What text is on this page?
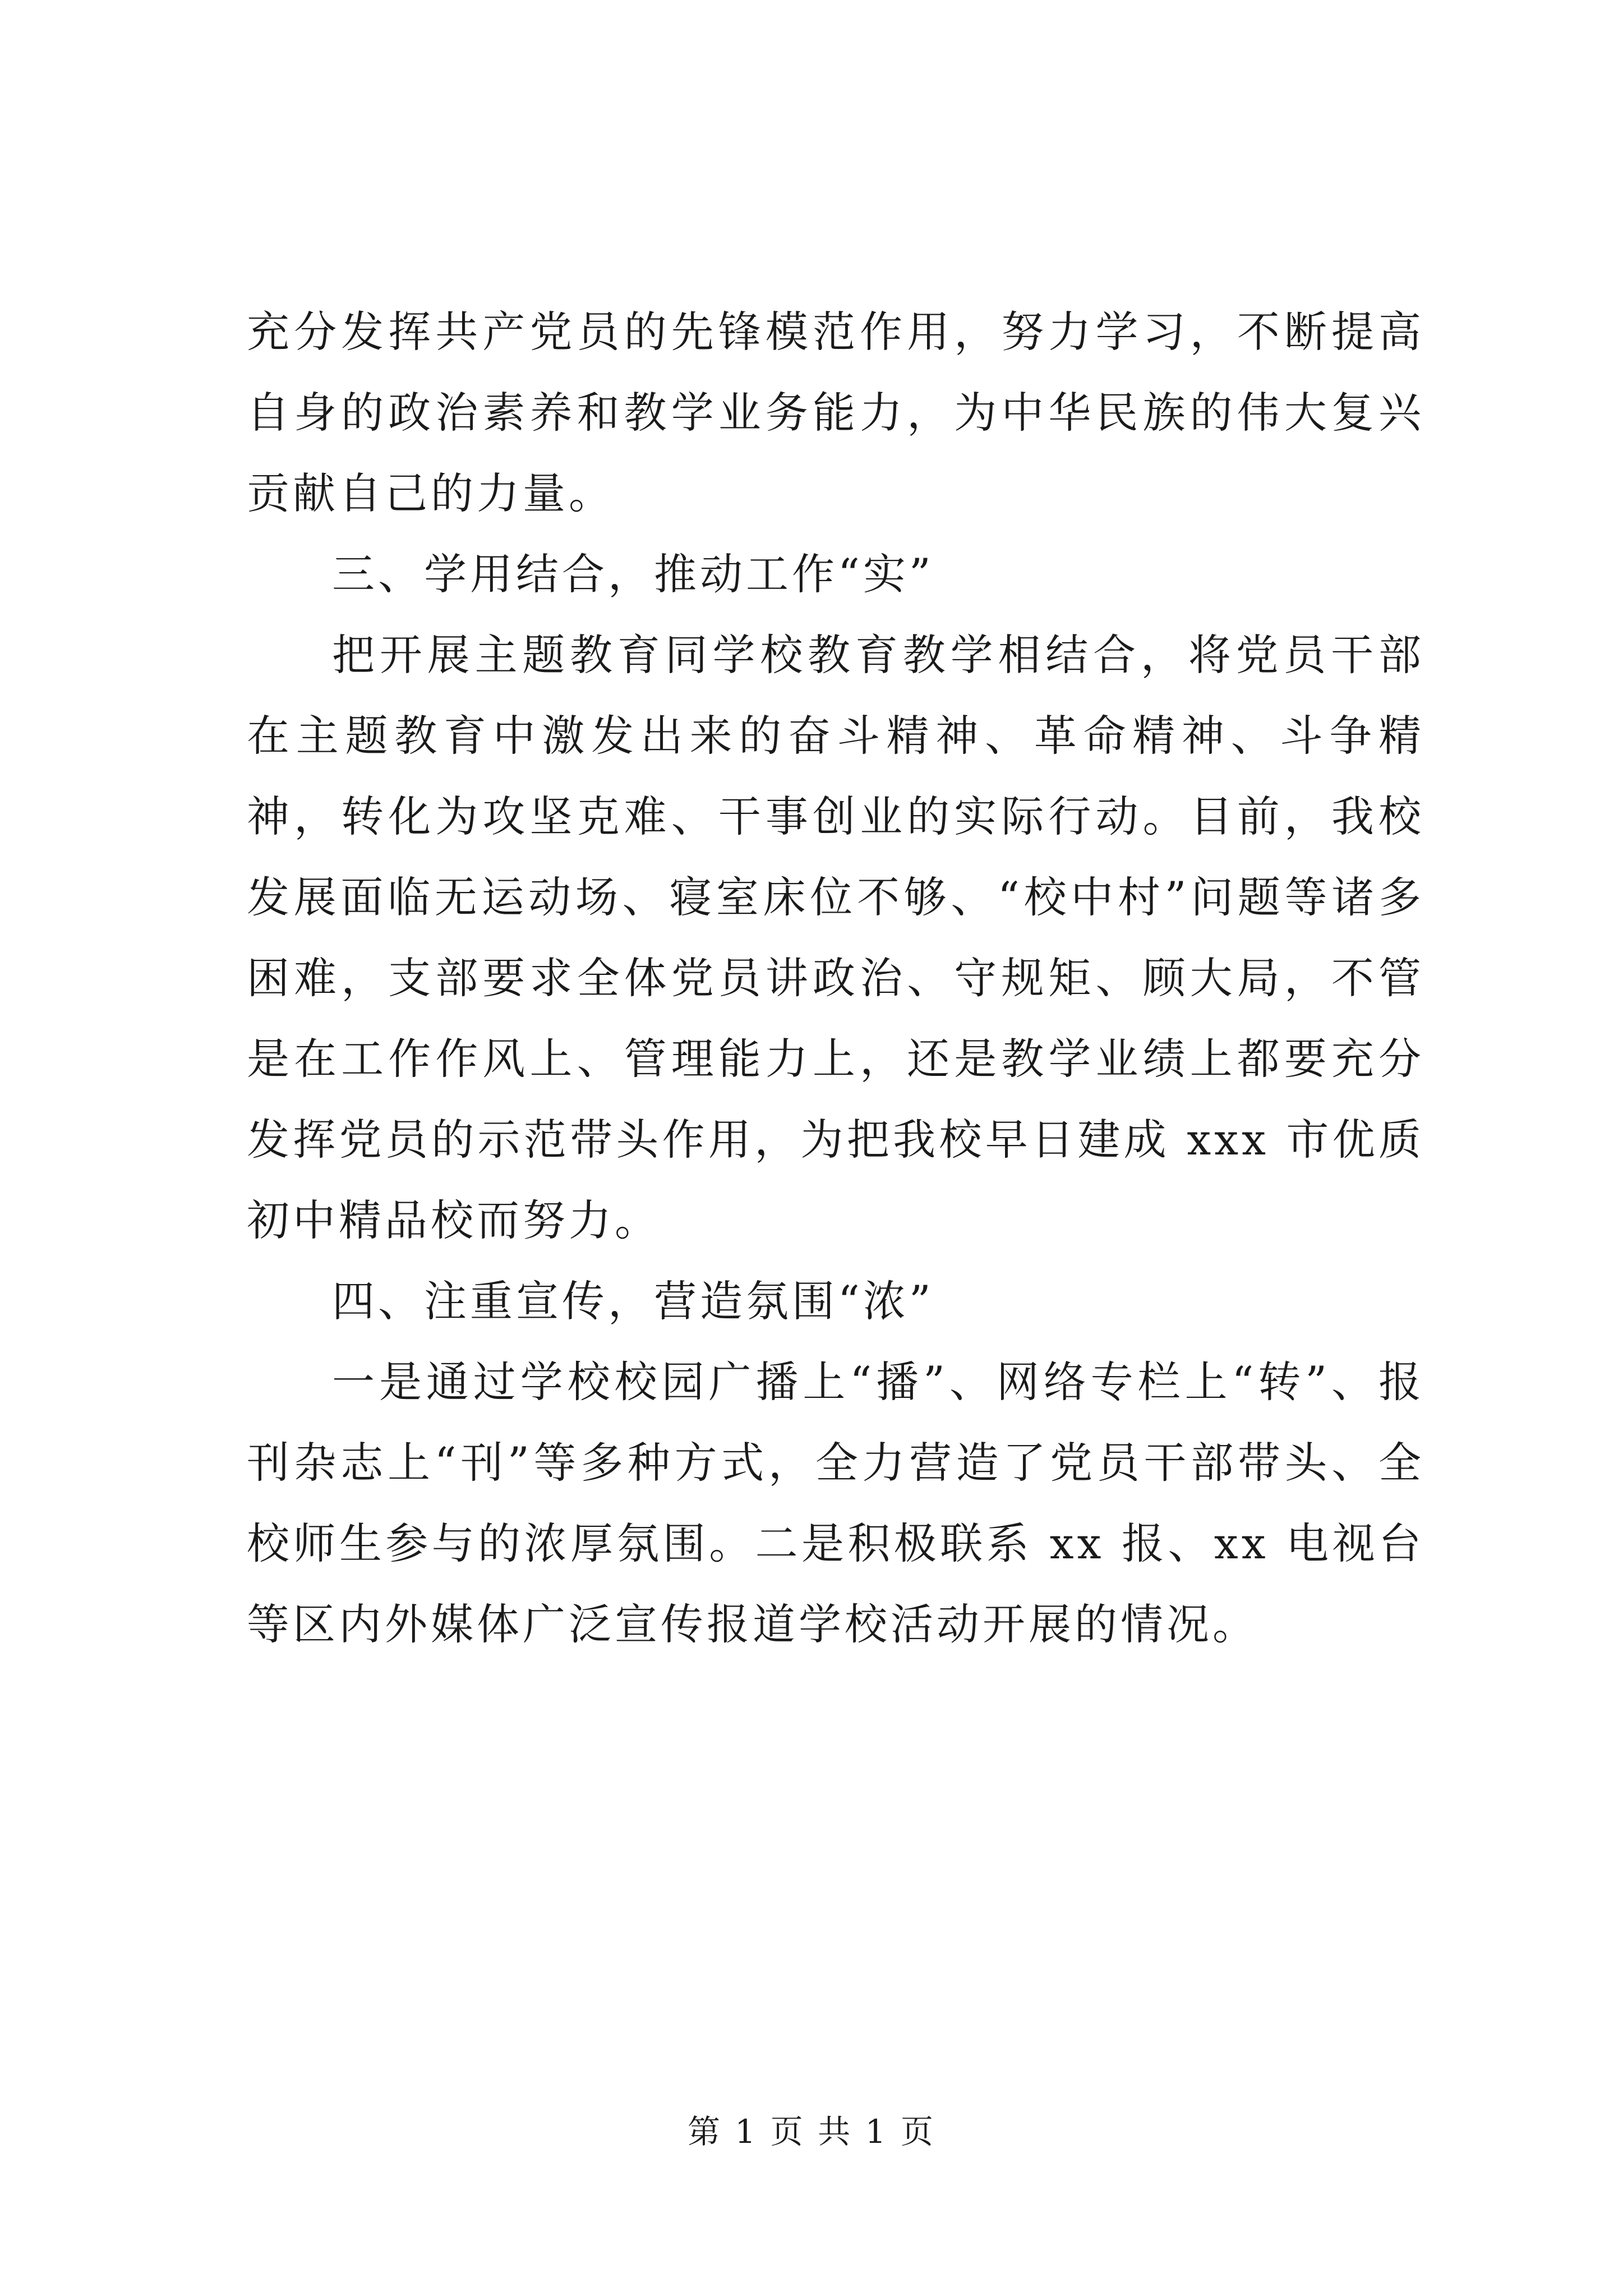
充分发挥共产党员的先锋模范作用，努力学习，不断提高自身的政治素养和教学业务能力，为中华民族的伟大复兴贡献自己的力量。

三、学用结合，推动工作“实”

把开展主题教育同学校教育教学相结合，将党员干部在主题教育中激发出来的奋斗精神、革命精神、斗争精神，转化为攻坚克难、干事创业的实际行动。目前，我校发展面临无运动场、寝室床位不够、“校中村”问题等诸多困难，支部要求全体党员讲政治、守规矩、顾大局，不管是在工作作风上、管理能力上，还是教学业绩上都要充分发挥党员的示范带头作用，为把我校早日建成 xxx 市优质初中精品校而努力。

四、注重宣传，营造氛围“浓”

一是通过学校校园广播上“播”、网络专栏上“转”、报刊杂志上“刊”等多种方式，全力营造了党员干部带头、全校师生参与的浓厚氛围。二是积极联系 xx 报、xx 电视台等区内外媒体广泛宣传报道学校活动开展的情况。

第 1 页 共 1 页
